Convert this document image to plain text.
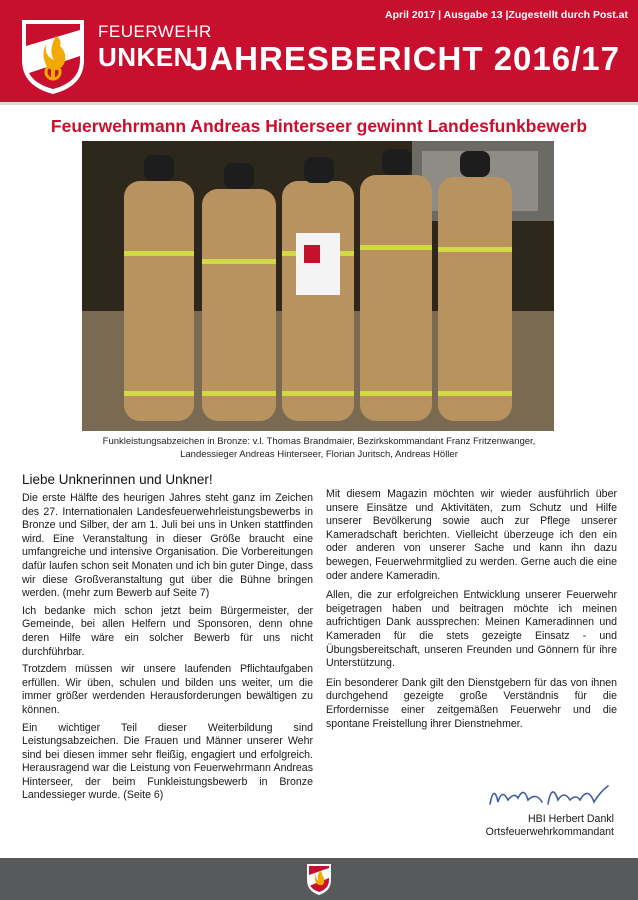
FEUERWEHR
UNKEN
JAHRESBERICHT 2016/17
April 2017 | Ausgabe 13 |Zugestellt durch Post.at
Feuerwehrmann Andreas Hinterseer gewinnt Landesfunkbewerb
Funkleistungsabzeichen in Bronze: v.l. Thomas Brandmaier, Bezirkskommandant Franz Fritzenwanger,
Landessieger Andreas Hinterseer, Florian Juritsch, Andreas Höller
Liebe Unknerinnen und Unkner!

Die erste Hälfte des heurigen Jahres steht ganz im Zeichen des 27. Internationalen Landesfeuerwehrleistungsbewerbs in Bronze und Silber, der am 1. Juli bei uns in Unken stattfinden wird. Eine Veranstaltung in dieser Größe braucht eine umfangreiche und intensive Organisation. Die Vorbereitungen dafür laufen schon seit Monaten und ich bin guter Dinge, dass wir diese Großveranstaltung gut über die Bühne bringen werden. (mehr zum Bewerb auf Seite 7)

Ich bedanke mich schon jetzt beim Bürgermeister, der Gemeinde, bei allen Helfern und Sponsoren, denn ohne deren Hilfe wäre ein solcher Bewerb für uns nicht durchführbar.

Trotzdem müssen wir unsere laufenden Pflichtaufgaben erfüllen. Wir üben, schulen und bilden uns weiter, um die immer größer werdenden Herausforderungen bewältigen zu können.

Ein wichtiger Teil dieser Weiterbildung sind Leistungsabzeichen. Die Frauen und Männer unserer Wehr sind bei diesen immer sehr fleißig, engagiert und erfolgreich. Herausragend war die Leistung von Feuerwehrmann Andreas Hinterseer, der beim Funkleistungsbewerb in Bronze Landessieger wurde. (Seite 6)

Mit diesem Magazin möchten wir wieder ausführlich über unsere Einsätze und Aktivitäten, zum Schutz und Hilfe unserer Bevölkerung sowie auch zur Pflege unserer Kameradschaft berichten. Vielleicht überzeuge ich den ein oder anderen von unserer Sache und kann ihn dazu bewegen, Feuerwehrmitglied zu werden. Gerne auch die eine oder andere Kameradin.

Allen, die zur erfolgreichen Entwicklung unserer Feuerwehr beigetragen haben und beitragen möchte ich meinen aufrichtigen Dank aussprechen: Meinen Kameradinnen und Kameraden für die stets gezeigte Einsatz - und Übungsbereitschaft, unseren Freunden und Gönnern für ihre Unterstützung.

Ein besonderer Dank gilt den Dienstgebern für das von ihnen durchgehend gezeigte große Verständnis für die Erfordernisse einer zeitgemäßen Feuerwehr und die spontane Freistellung ihrer Dienstnehmer.

HBI Herbert Dankl
Ortsfeuerwehrkommandant
